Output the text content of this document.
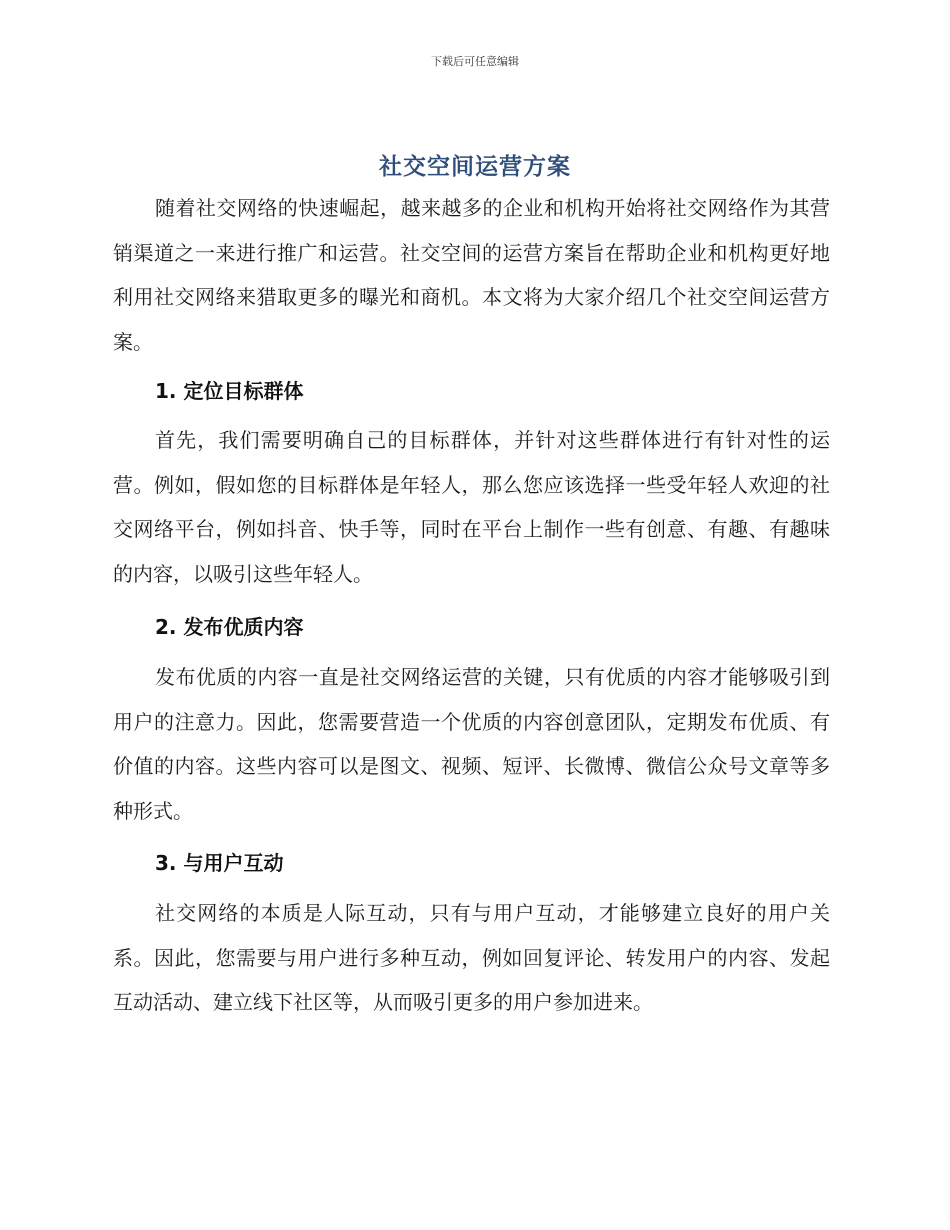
下载后可任意编辑
社交空间运营方案

随着社交网络的快速崛起，越来越多的企业和机构开始将社交网络作为其营销渠道之一来进行推广和运营。社交空间的运营方案旨在帮助企业和机构更好地利用社交网络来猎取更多的曝光和商机。本文将为大家介绍几个社交空间运营方案。

1. 定位目标群体

首先，我们需要明确自己的目标群体，并针对这些群体进行有针对性的运营。例如，假如您的目标群体是年轻人，那么您应该选择一些受年轻人欢迎的社交网络平台，例如抖音、快手等，同时在平台上制作一些有创意、有趣、有趣味的内容，以吸引这些年轻人。

2. 发布优质内容

发布优质的内容一直是社交网络运营的关键，只有优质的内容才能够吸引到用户的注意力。因此，您需要营造一个优质的内容创意团队，定期发布优质、有价值的内容。这些内容可以是图文、视频、短评、长微博、微信公众号文章等多种形式。

3. 与用户互动

社交网络的本质是人际互动，只有与用户互动，才能够建立良好的用户关系。因此，您需要与用户进行多种互动，例如回复评论、转发用户的内容、发起互动活动、建立线下社区等，从而吸引更多的用户参加进来。
